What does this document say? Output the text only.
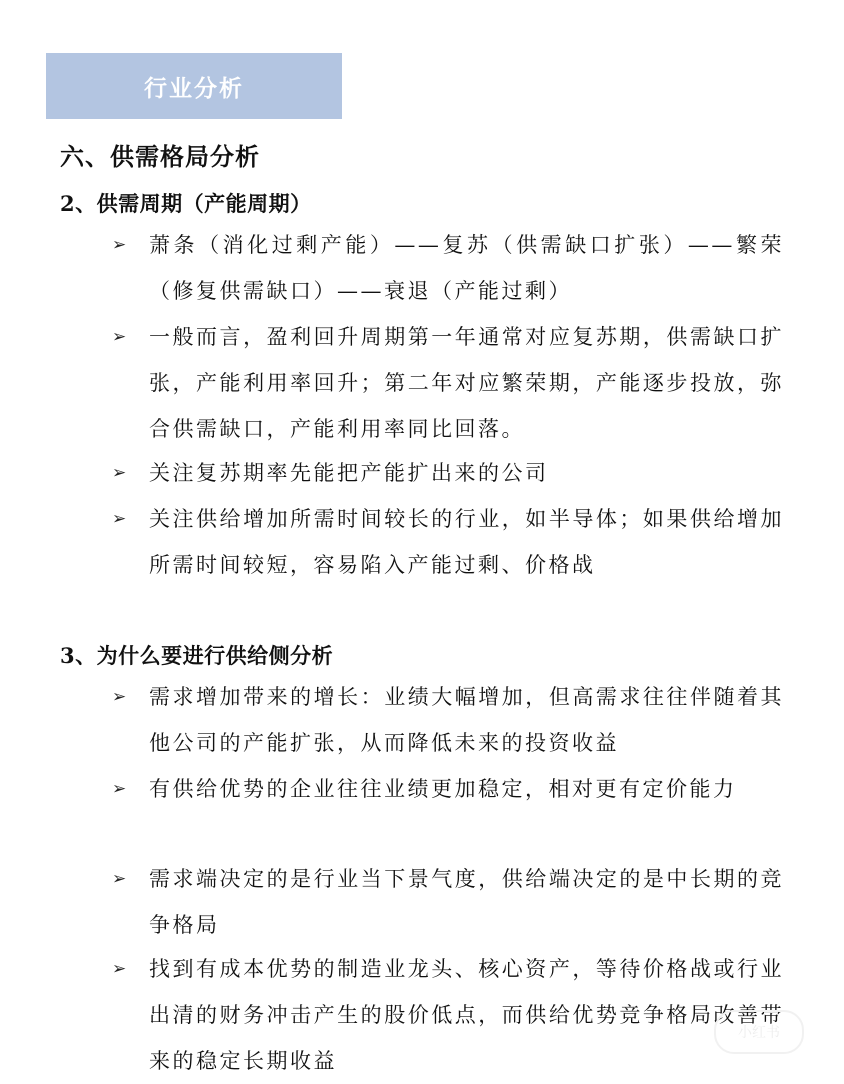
行业分析
六、供需格局分析
2、供需周期（产能周期）
➢ 萧条（消化过剩产能）——复苏（供需缺口扩张）——繁荣（修复供需缺口）——衰退（产能过剩）
➢ 一般而言，盈利回升周期第一年通常对应复苏期，供需缺口扩张，产能利用率回升；第二年对应繁荣期，产能逐步投放，弥合供需缺口，产能利用率同比回落。
➢ 关注复苏期率先能把产能扩出来的公司
➢ 关注供给增加所需时间较长的行业，如半导体；如果供给增加所需时间较短，容易陷入产能过剩、价格战
3、为什么要进行供给侧分析
➢ 需求增加带来的增长：业绩大幅增加，但高需求往往伴随着其他公司的产能扩张，从而降低未来的投资收益
➢ 有供给优势的企业往往业绩更加稳定，相对更有定价能力
➢ 需求端决定的是行业当下景气度，供给端决定的是中长期的竞争格局
➢ 找到有成本优势的制造业龙头、核心资产，等待价格战或行业出清的财务冲击产生的股价低点，而供给优势竞争格局改善带来的稳定长期收益
小红书
